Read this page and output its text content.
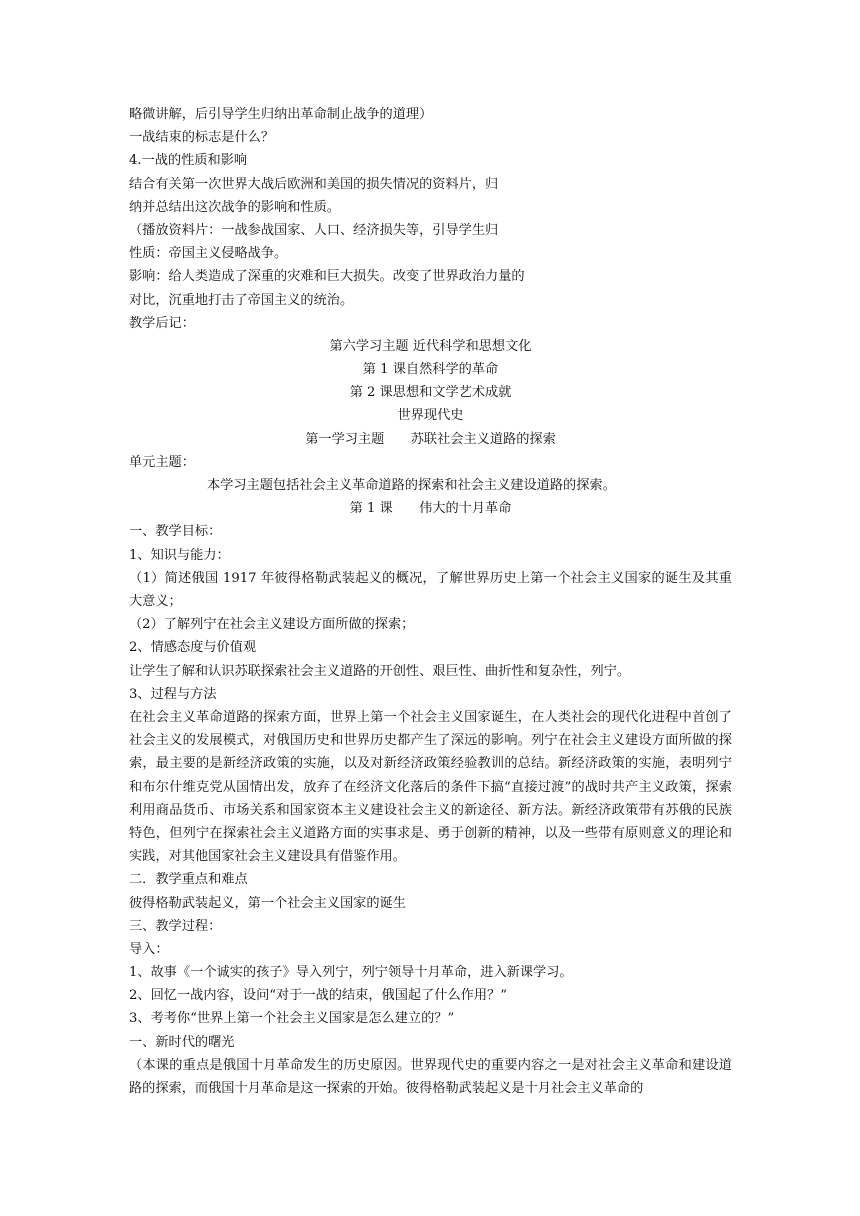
略微讲解，后引导学生归纳出革命制止战争的道理）
一战结束的标志是什么？
4.一战的性质和影响
结合有关第一次世界大战后欧洲和美国的损失情况的资料片，归
纳并总结出这次战争的影响和性质。
（播放资料片：一战参战国家、人口、经济损失等，引导学生归
性质：帝国主义侵略战争。
影响：给人类造成了深重的灾难和巨大损失。改变了世界政治力量的
对比，沉重地打击了帝国主义的统治。
教学后记：
第六学习主题 近代科学和思想文化
第 1 课自然科学的革命
第 2 课思想和文学艺术成就
世界现代史
第一学习主题　　苏联社会主义道路的探索
单元主题：
本学习主题包括社会主义革命道路的探索和社会主义建设道路的探索。
第 1 课　　伟大的十月革命
一、教学目标：
1、知识与能力：
（1）简述俄国 1917 年彼得格勒武装起义的概况，了解世界历史上第一个社会主义国家的诞生及其重大意义；
（2）了解列宁在社会主义建设方面所做的探索；
2、情感态度与价值观
让学生了解和认识苏联探索社会主义道路的开创性、艰巨性、曲折性和复杂性，列宁。
3、过程与方法
在社会主义革命道路的探索方面，世界上第一个社会主义国家诞生，在人类社会的现代化进程中首创了社会主义的发展模式，对俄国历史和世界历史都产生了深远的影响。列宁在社会主义建设方面所做的探索，最主要的是新经济政策的实施，以及对新经济政策经验教训的总结。新经济政策的实施，表明列宁和布尔什维克党从国情出发，放弃了在经济文化落后的条件下搞“直接过渡”的战时共产主义政策，探索利用商品货币、市场关系和国家资本主义建设社会主义的新途径、新方法。新经济政策带有苏俄的民族特色，但列宁在探索社会主义道路方面的实事求是、勇于创新的精神，以及一些带有原则意义的理论和实践，对其他国家社会主义建设具有借鉴作用。
二．教学重点和难点
彼得格勒武装起义，第一个社会主义国家的诞生
三、教学过程：
导入：
1、故事《一个诚实的孩子》导入列宁，列宁领导十月革命，进入新课学习。
2、回忆一战内容，设问“对于一战的结束，俄国起了什么作用？”
3、考考你“世界上第一个社会主义国家是怎么建立的？”
一、新时代的曙光
（本课的重点是俄国十月革命发生的历史原因。世界现代史的重要内容之一是对社会主义革命和建设道路的探索，而俄国十月革命是这一探索的开始。彼得格勒武装起义是十月社会主义革命的
